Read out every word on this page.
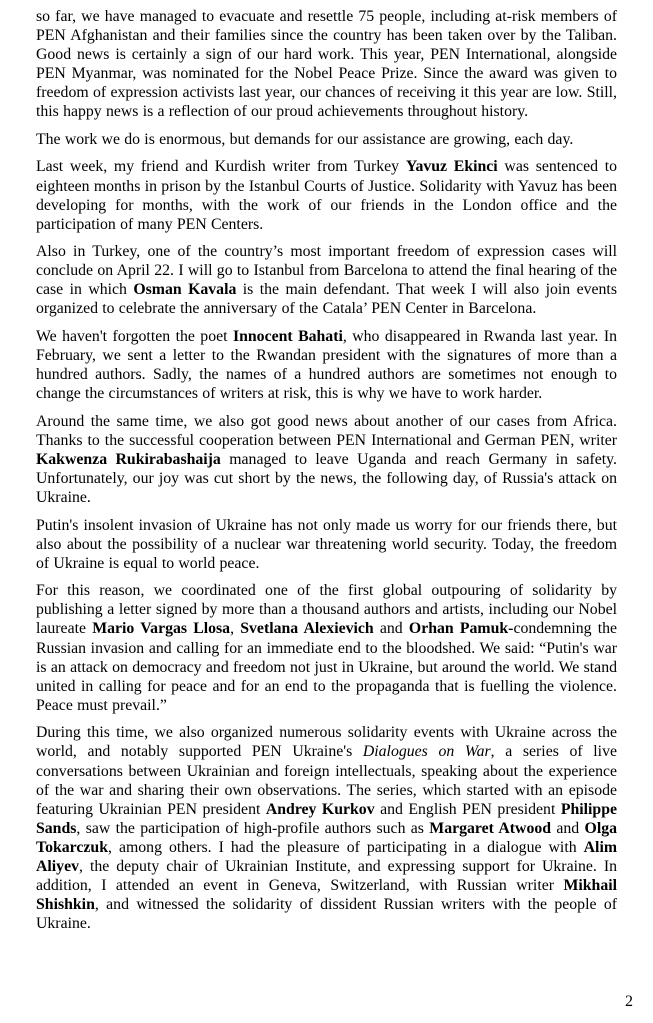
so far, we have managed to evacuate and resettle 75 people, including at-risk members of PEN Afghanistan and their families since the country has been taken over by the Taliban. Good news is certainly a sign of our hard work. This year, PEN International, alongside PEN Myanmar, was nominated for the Nobel Peace Prize. Since the award was given to freedom of expression activists last year, our chances of receiving it this year are low. Still, this happy news is a reflection of our proud achievements throughout history.

The work we do is enormous, but demands for our assistance are growing, each day.

Last week, my friend and Kurdish writer from Turkey Yavuz Ekinci was sentenced to eighteen months in prison by the Istanbul Courts of Justice. Solidarity with Yavuz has been developing for months, with the work of our friends in the London office and the participation of many PEN Centers.

Also in Turkey, one of the country’s most important freedom of expression cases will conclude on April 22. I will go to Istanbul from Barcelona to attend the final hearing of the case in which Osman Kavala is the main defendant. That week I will also join events organized to celebrate the anniversary of the Catala’ PEN Center in Barcelona.

We haven't forgotten the poet Innocent Bahati, who disappeared in Rwanda last year. In February, we sent a letter to the Rwandan president with the signatures of more than a hundred authors. Sadly, the names of a hundred authors are sometimes not enough to change the circumstances of writers at risk, this is why we have to work harder.

Around the same time, we also got good news about another of our cases from Africa. Thanks to the successful cooperation between PEN International and German PEN, writer Kakwenza Rukirabashaija managed to leave Uganda and reach Germany in safety. Unfortunately, our joy was cut short by the news, the following day, of Russia's attack on Ukraine.

Putin's insolent invasion of Ukraine has not only made us worry for our friends there, but also about the possibility of a nuclear war threatening world security. Today, the freedom of Ukraine is equal to world peace.

For this reason, we coordinated one of the first global outpouring of solidarity by publishing a letter signed by more than a thousand authors and artists, including our Nobel laureate Mario Vargas Llosa, Svetlana Alexievich and Orhan Pamuk-condemning the Russian invasion and calling for an immediate end to the bloodshed. We said: “Putin's war is an attack on democracy and freedom not just in Ukraine, but around the world. We stand united in calling for peace and for an end to the propaganda that is fuelling the violence. Peace must prevail.”

During this time, we also organized numerous solidarity events with Ukraine across the world, and notably supported PEN Ukraine's Dialogues on War, a series of live conversations between Ukrainian and foreign intellectuals, speaking about the experience of the war and sharing their own observations. The series, which started with an episode featuring Ukrainian PEN president Andrey Kurkov and English PEN president Philippe Sands, saw the participation of high-profile authors such as Margaret Atwood and Olga Tokarczuk, among others. I had the pleasure of participating in a dialogue with Alim Aliyev, the deputy chair of Ukrainian Institute, and expressing support for Ukraine. In addition, I attended an event in Geneva, Switzerland, with Russian writer Mikhail Shishkin, and witnessed the solidarity of dissident Russian writers with the people of Ukraine.

2
